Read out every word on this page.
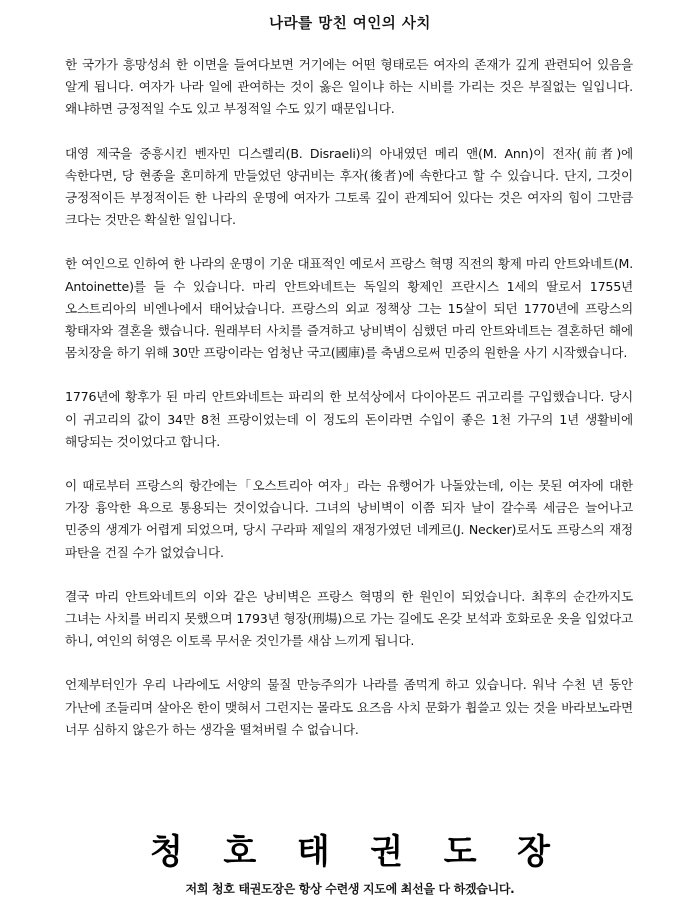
나라를 망친 여인의 사치

한 국가가 흥망성쇠 한 이면을 들여다보면 거기에는 어떤 형태로든 여자의 존재가 깊게 관련되어 있음을 알게 됩니다. 여자가 나라 일에 관여하는 것이 옳은 일이냐 하는 시비를 가리는 것은 부질없는 일입니다. 왜냐하면 긍정적일 수도 있고 부정적일 수도 있기 때문입니다.

대영 제국을 중흥시킨 벤자민 디스렐리(B. Disraeli)의 아내였던 메리 앤(M. Ann)이 전자(前者)에 속한다면, 당 현종을 혼미하게 만들었던 양귀비는 후자(後者)에 속한다고 할 수 있습니다. 단지, 그것이 긍정적이든 부정적이든 한 나라의 운명에 여자가 그토록 깊이 관계되어 있다는 것은 여자의 힘이 그만큼 크다는 것만은 확실한 일입니다.

한 여인으로 인하여 한 나라의 운명이 기운 대표적인 예로서 프랑스 혁명 직전의 황제 마리 안트와네트(M. Antoinette)를 들 수 있습니다. 마리 안트와네트는 독일의 황제인 프란시스 1세의 딸로서 1755년 오스트리아의 비엔나에서 태어났습니다. 프랑스의 외교 정책상 그는 15살이 되던 1770년에 프랑스의 황태자와 결혼을 했습니다. 원래부터 사치를 즐겨하고 낭비벽이 심했던 마리 안트와네트는 결혼하던 해에 몸치장을 하기 위해 30만 프랑이라는 엄청난 국고(國庫)를 축냄으로써 민중의 원한을 사기 시작했습니다.

1776년에 황후가 된 마리 안트와네트는 파리의 한 보석상에서 다이아몬드 귀고리를 구입했습니다. 당시 이 귀고리의 값이 34만 8천 프랑이었는데 이 정도의 돈이라면 수입이 좋은 1천 가구의 1년 생활비에 해당되는 것이었다고 합니다.

이 때로부터 프랑스의 항간에는「오스트리아 여자」라는 유행어가 나돌았는데, 이는 못된 여자에 대한 가장 흉악한 욕으로 통용되는 것이었습니다. 그녀의 낭비벽이 이쯤 되자 날이 갈수록 세금은 늘어나고 민중의 생계가 어렵게 되었으며, 당시 구라파 제일의 재정가였던 네케르(J. Necker)로서도 프랑스의 재정 파탄을 건질 수가 없었습니다.

결국 마리 안트와네트의 이와 같은 낭비벽은 프랑스 혁명의 한 원인이 되었습니다. 최후의 순간까지도 그녀는 사치를 버리지 못했으며 1793년 형장(刑場)으로 가는 길에도 온갖 보석과 호화로운 옷을 입었다고 하니, 여인의 허영은 이토록 무서운 것인가를 새삼 느끼게 됩니다.

언제부터인가 우리 나라에도 서양의 물질 만능주의가 나라를 좀먹게 하고 있습니다. 워낙 수천 년 동안 가난에 조들리며 살아온 한이 맺혀서 그런지는 몰라도 요즈음 사치 문화가 휩쓸고 있는 것을 바라보노라면 너무 심하지 않은가 하는 생각을 떨쳐버릴 수 없습니다.

청 호 태 권 도 장
저희 청호 태권도장은 항상 수련생 지도에 최선을 다 하겠습니다.
